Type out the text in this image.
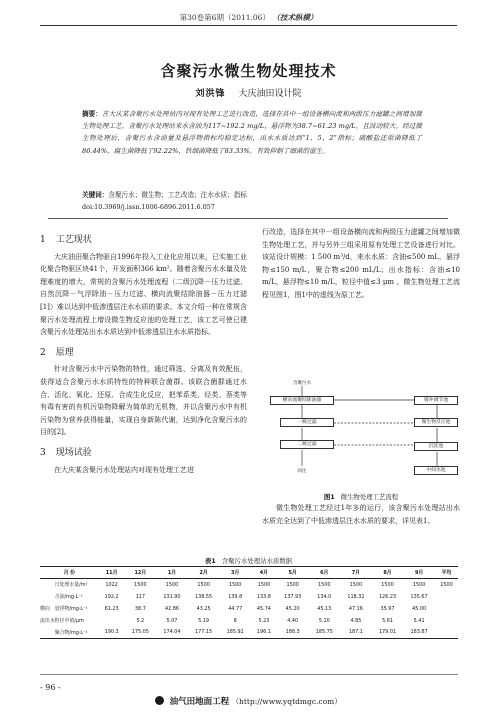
第30卷第6期（2011.06） （技术纵横）
含聚污水微生物处理技术
刘洪锋 大庆油田设计院
摘要：在大庆某含聚污水处理站内对现有处理工艺进行改造，选择在其中一组设备横向流和两级压力滤罐之间增加微生物处理工艺。含聚污水处理站来水含油为117~192.2 mg/L，悬浮物为38.7~61.23 mg/L，且波动较大。经过微生物处理后，含聚污水含油量及悬浮物指标均稳定达标，出水水质达到“1、5、2”指标；硫酸盐还原菌降低了86.44%，腐生菌降低了92.22%，铁细菌降低了83.33%，有效抑制了细菌的滋生。
关键词：含聚污水；微生物；工艺改造；注水水质；指标
doi:10.3969/j.issn.1006-6896.2011.6.057
1 工艺现状

大庆油田聚合物驱自1996年投入工业化应用以来，已实施工业化聚合物驱区块41个，开发面积366 km²。随着含聚污水水量及处理难度的增大，常规的含聚污水处理流程（二级沉降－压力过滤、自然沉降－气浮除油－压力过滤、横向流聚结除油器－压力过滤[1]）难以达到中低渗透层注水水质的要求。本文介绍一种在常规含聚污水处理流程上增设微生物反应池的处理工艺，该工艺可使已建含聚污水处理站出水水质达到中低渗透层注水水质指标。

2 原理

针对含聚污水中污染物的特性，通过筛选、分离及有效配伍，获得适合含聚污水水质特性的特种联合菌群。该联合菌群通过水合、活化、氧化、还原、合成生化反应，把苯系类、烃类、萘类等有毒有害的有机污染物降解为简单的无机物，并以含聚污水中有机污染物为营养获得能量，实现自身新陈代谢，达到净化含聚污水的目的[2]。

3 现场试验

在大庆某含聚污水处理站内对现有处理工艺进

行改造，选择在其中一组设备横向流和两级压力滤罐之间增加微生物处理工艺，并与另外三组采用原有处理工艺设备进行对比。该站设计规模：1 500 m³/d，来水水质：含油≤500 mL，悬浮物≤150 m/L，聚合物≤200 mL/L；出水指标：含油≤10 m/L，悬浮物≤10 m/L，粒径中值≤3 μm 。微生物处理工艺流程见图1，图1中的虚线为原工艺。

含聚污水
横向流聚结除油器	缓冲调节池
微生物反应池
一级过滤
沉淀池
二级过滤
中间水池
回注
图1 微生物处理工艺流程

微生物处理工艺经过1年多的运行，该含聚污水处理站出水水质完全达到了中低渗透层注水水质的要求，详见表1。

表1 含聚污水处理站水质数据
月 份		11月	12月	1月	2月	3月	4月	5月	6月	7月	8月	9月	平均
	日处理水量/m³	1022	1500	1500	1500	1500	1500	1500	1500	1500	1500	1500	1500
	含油/mg·L⁻¹	192.2	117	131.90	138.55	139.8	133.8	137.93	134.0	118.32	126.23	135.67	
横向	悬浮物/mg·L⁻¹	61.23	38.7	42.86	43.25	44.77	45.74	45.20	45.13	47.16	35.97	45.00	
流出水	粒径中值/μm		5.2	5.07	5.19	8	5.23	4.40	5.10	4.85	5.61	5.41	
	聚合物/mg·L⁻¹	190.3	175.05	174.04	177.15	185.92	196.1	188.3	185.75	187.1	179.01	183.87	
- 96 -
油气田地面工程 （http://www.yqtdmgc.com）
